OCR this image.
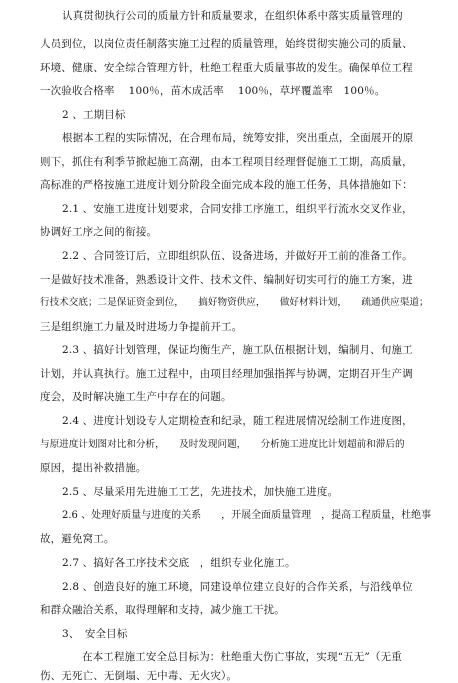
认真贯彻执行公司的质量方针和质量要求，在组织体系中落实质量管理的
人员到位，以岗位责任制落实施工过程的质量管理，始终贯彻实施公司的质量、
环境、健康、安全综合管理方针，杜绝工程重大质量事故的发生。确保单位工程
一次验收合格率　 100％，苗木成活率　 100％，草坪覆盖率　100％。
2 、工期目标
根据本工程的实际情况，在合理布局，统筹安排，突出重点，全面展开的原
则下，抓住有利季节掀起施工高潮，由本工程项目经理督促施工工期，高质量，
高标准的严格按施工进度计划分阶段全面完成本段的施工任务，具体措施如下：
2.1 、安施工进度计划要求，合同安排工序施工，组织平行流水交叉作业，
协调好工序之间的衔接。
2.2 、合同签订后，立即组织队伍、设备进场，并做好开工前的准备工作。
一是做好技术准备，熟悉设计文件、技术文件、编制好切实可行的施工方案，进
行技术交底；二是保证资金到位，　　搞好物资供应，　　做好材料计划，　　疏通供应渠道；
三是组织施工力量及时进场力争提前开工。
2.3 、搞好计划管理，保证均衡生产，施工队伍根据计划，编制月、旬施工
计划，并认真执行。施工过程中，由项目经理加强指挥与协调，定期召开生产调
度会，及时解决施工生产中存在的问题。
2.4 、进度计划设专人定期检查和纪录，随工程进展情况绘制工作进度图，
与原进度计划图对比和分析，　　及时发现问题，　　分析施工进度比计划超前和滞后的
原因，提出补救措施。
2.5 、尽量采用先进施工工艺，先进技术，加快施工进度。
2.6 、处理好质量与进度的关系　　，开展全面质量管理　，提高工程质量，杜绝事
故，避免窝工。
2.7 、搞好各工序技术交底　，组织专业化施工。
2.8 、创造良好的施工环境，同建设单位建立良好的合作关系，与沿线单位
和群众融洽关系，取得理解和支持，减少施工干扰。
3、　安全目标
在本工程施工安全总目标为：杜绝重大伤亡事故，实现“五无”（无重
伤、无死亡、无倒塌、无中毒、无火灾）。
